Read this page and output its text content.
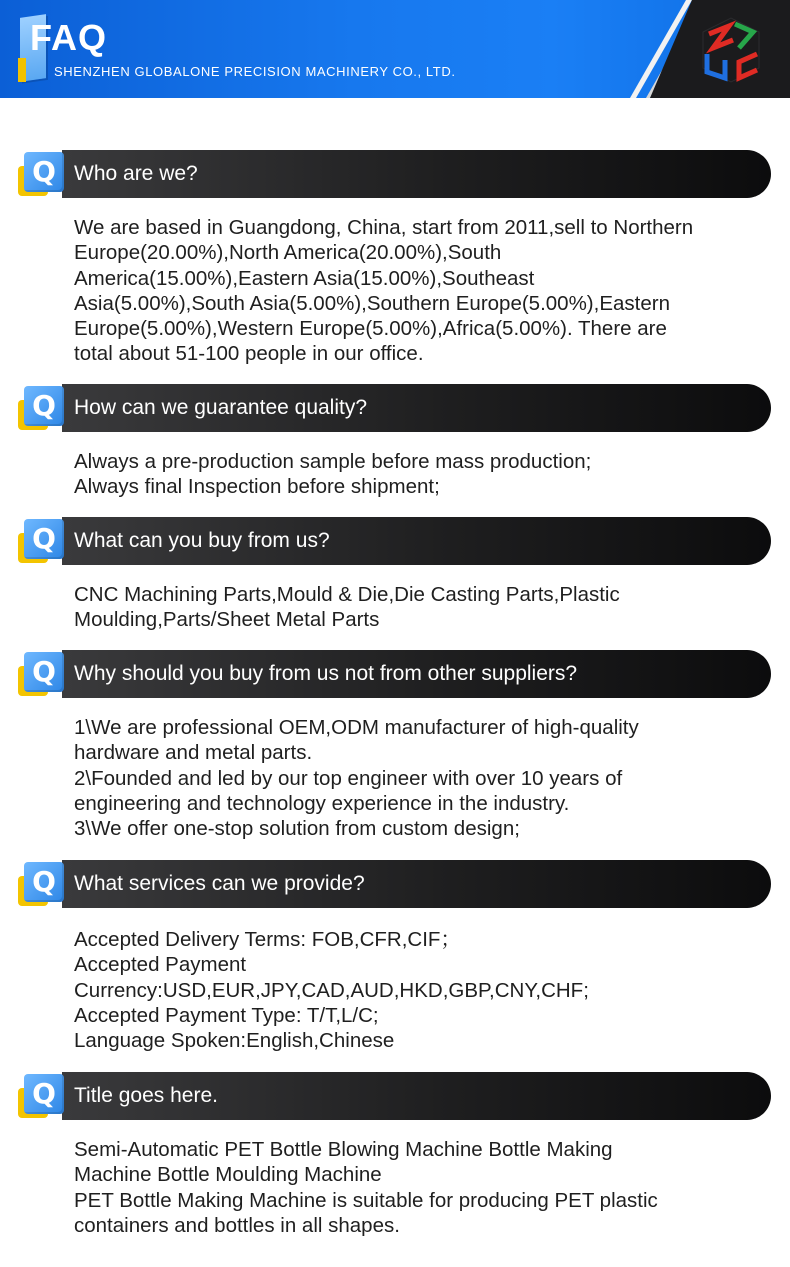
FAQ
SHENZHEN GLOBALONE PRECISION MACHINERY CO., LTD.
Q Who are we?
We are based in Guangdong, China, start from 2011,sell to Northern
Europe(20.00%),North America(20.00%),South
America(15.00%),Eastern Asia(15.00%),Southeast
Asia(5.00%),South Asia(5.00%),Southern Europe(5.00%),Eastern
Europe(5.00%),Western Europe(5.00%),Africa(5.00%). There are
total about 51-100 people in our office.
Q How can we guarantee quality?
Always a pre-production sample before mass production;
Always final Inspection before shipment;
Q What can you buy from us?
CNC Machining Parts,Mould & Die,Die Casting Parts,Plastic
Moulding,Parts/Sheet Metal Parts
Q Why should you buy from us not from other suppliers?
1\We are professional OEM,ODM manufacturer of high-quality
hardware and metal parts.
2\Founded and led by our top engineer with over 10 years of
engineering and technology experience in the industry.
3\We offer one-stop solution from custom design;
Q What services can we provide?
Accepted Delivery Terms: FOB,CFR,CIF；
Accepted Payment
Currency:USD,EUR,JPY,CAD,AUD,HKD,GBP,CNY,CHF;
Accepted Payment Type: T/T,L/C;
Language Spoken:English,Chinese
Q Title goes here.
Semi-Automatic PET Bottle Blowing Machine Bottle Making
Machine Bottle Moulding Machine
PET Bottle Making Machine is suitable for producing PET plastic
containers and bottles in all shapes.
